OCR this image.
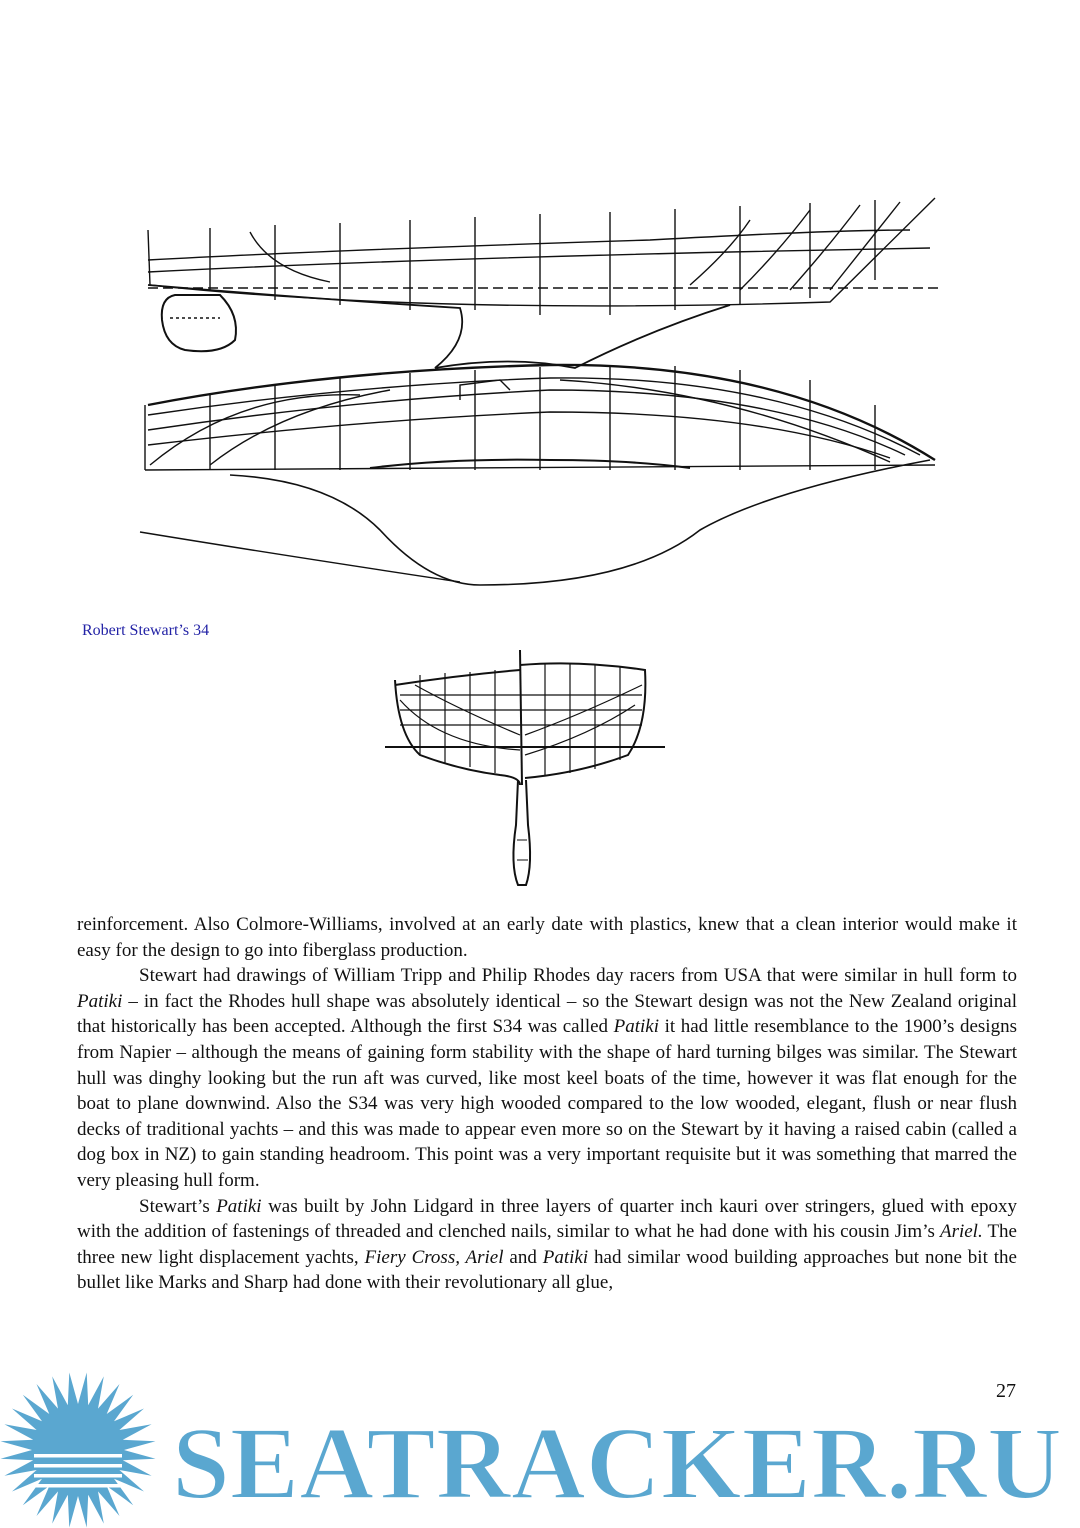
Robert Stewart’s 34

reinforcement. Also Colmore-Williams, involved at an early date with plastics, knew that a clean interior would make it easy for the design to go into fiberglass production.

Stewart had drawings of William Tripp and Philip Rhodes day racers from USA that were similar in hull form to Patiki – in fact the Rhodes hull shape was absolutely identical – so the Stewart design was not the New Zealand original that historically has been accepted. Although the first S34 was called Patiki it had little resemblance to the 1900’s designs from Napier – although the means of gaining form stability with the shape of hard turning bilges was similar. The Stewart hull was dinghy looking but the run aft was curved, like most keel boats of the time, however it was flat enough for the boat to plane downwind. Also the S34 was very high wooded compared to the low wooded, elegant, flush or near flush decks of traditional yachts – and this was made to appear even more so on the Stewart by it having a raised cabin (called a dog box in NZ) to gain standing headroom. This point was a very important requisite but it was something that marred the very pleasing hull form.

Stewart’s Patiki was built by John Lidgard in three layers of quarter inch kauri over stringers, glued with epoxy with the addition of fastenings of threaded and clenched nails, similar to what he had done with his cousin Jim’s Ariel. The three new light displacement yachts, Fiery Cross, Ariel and Patiki had similar wood building approaches but none bit the bullet like Marks and Sharp had done with their revolutionary all glue,

27
SEATRACKER.RU
